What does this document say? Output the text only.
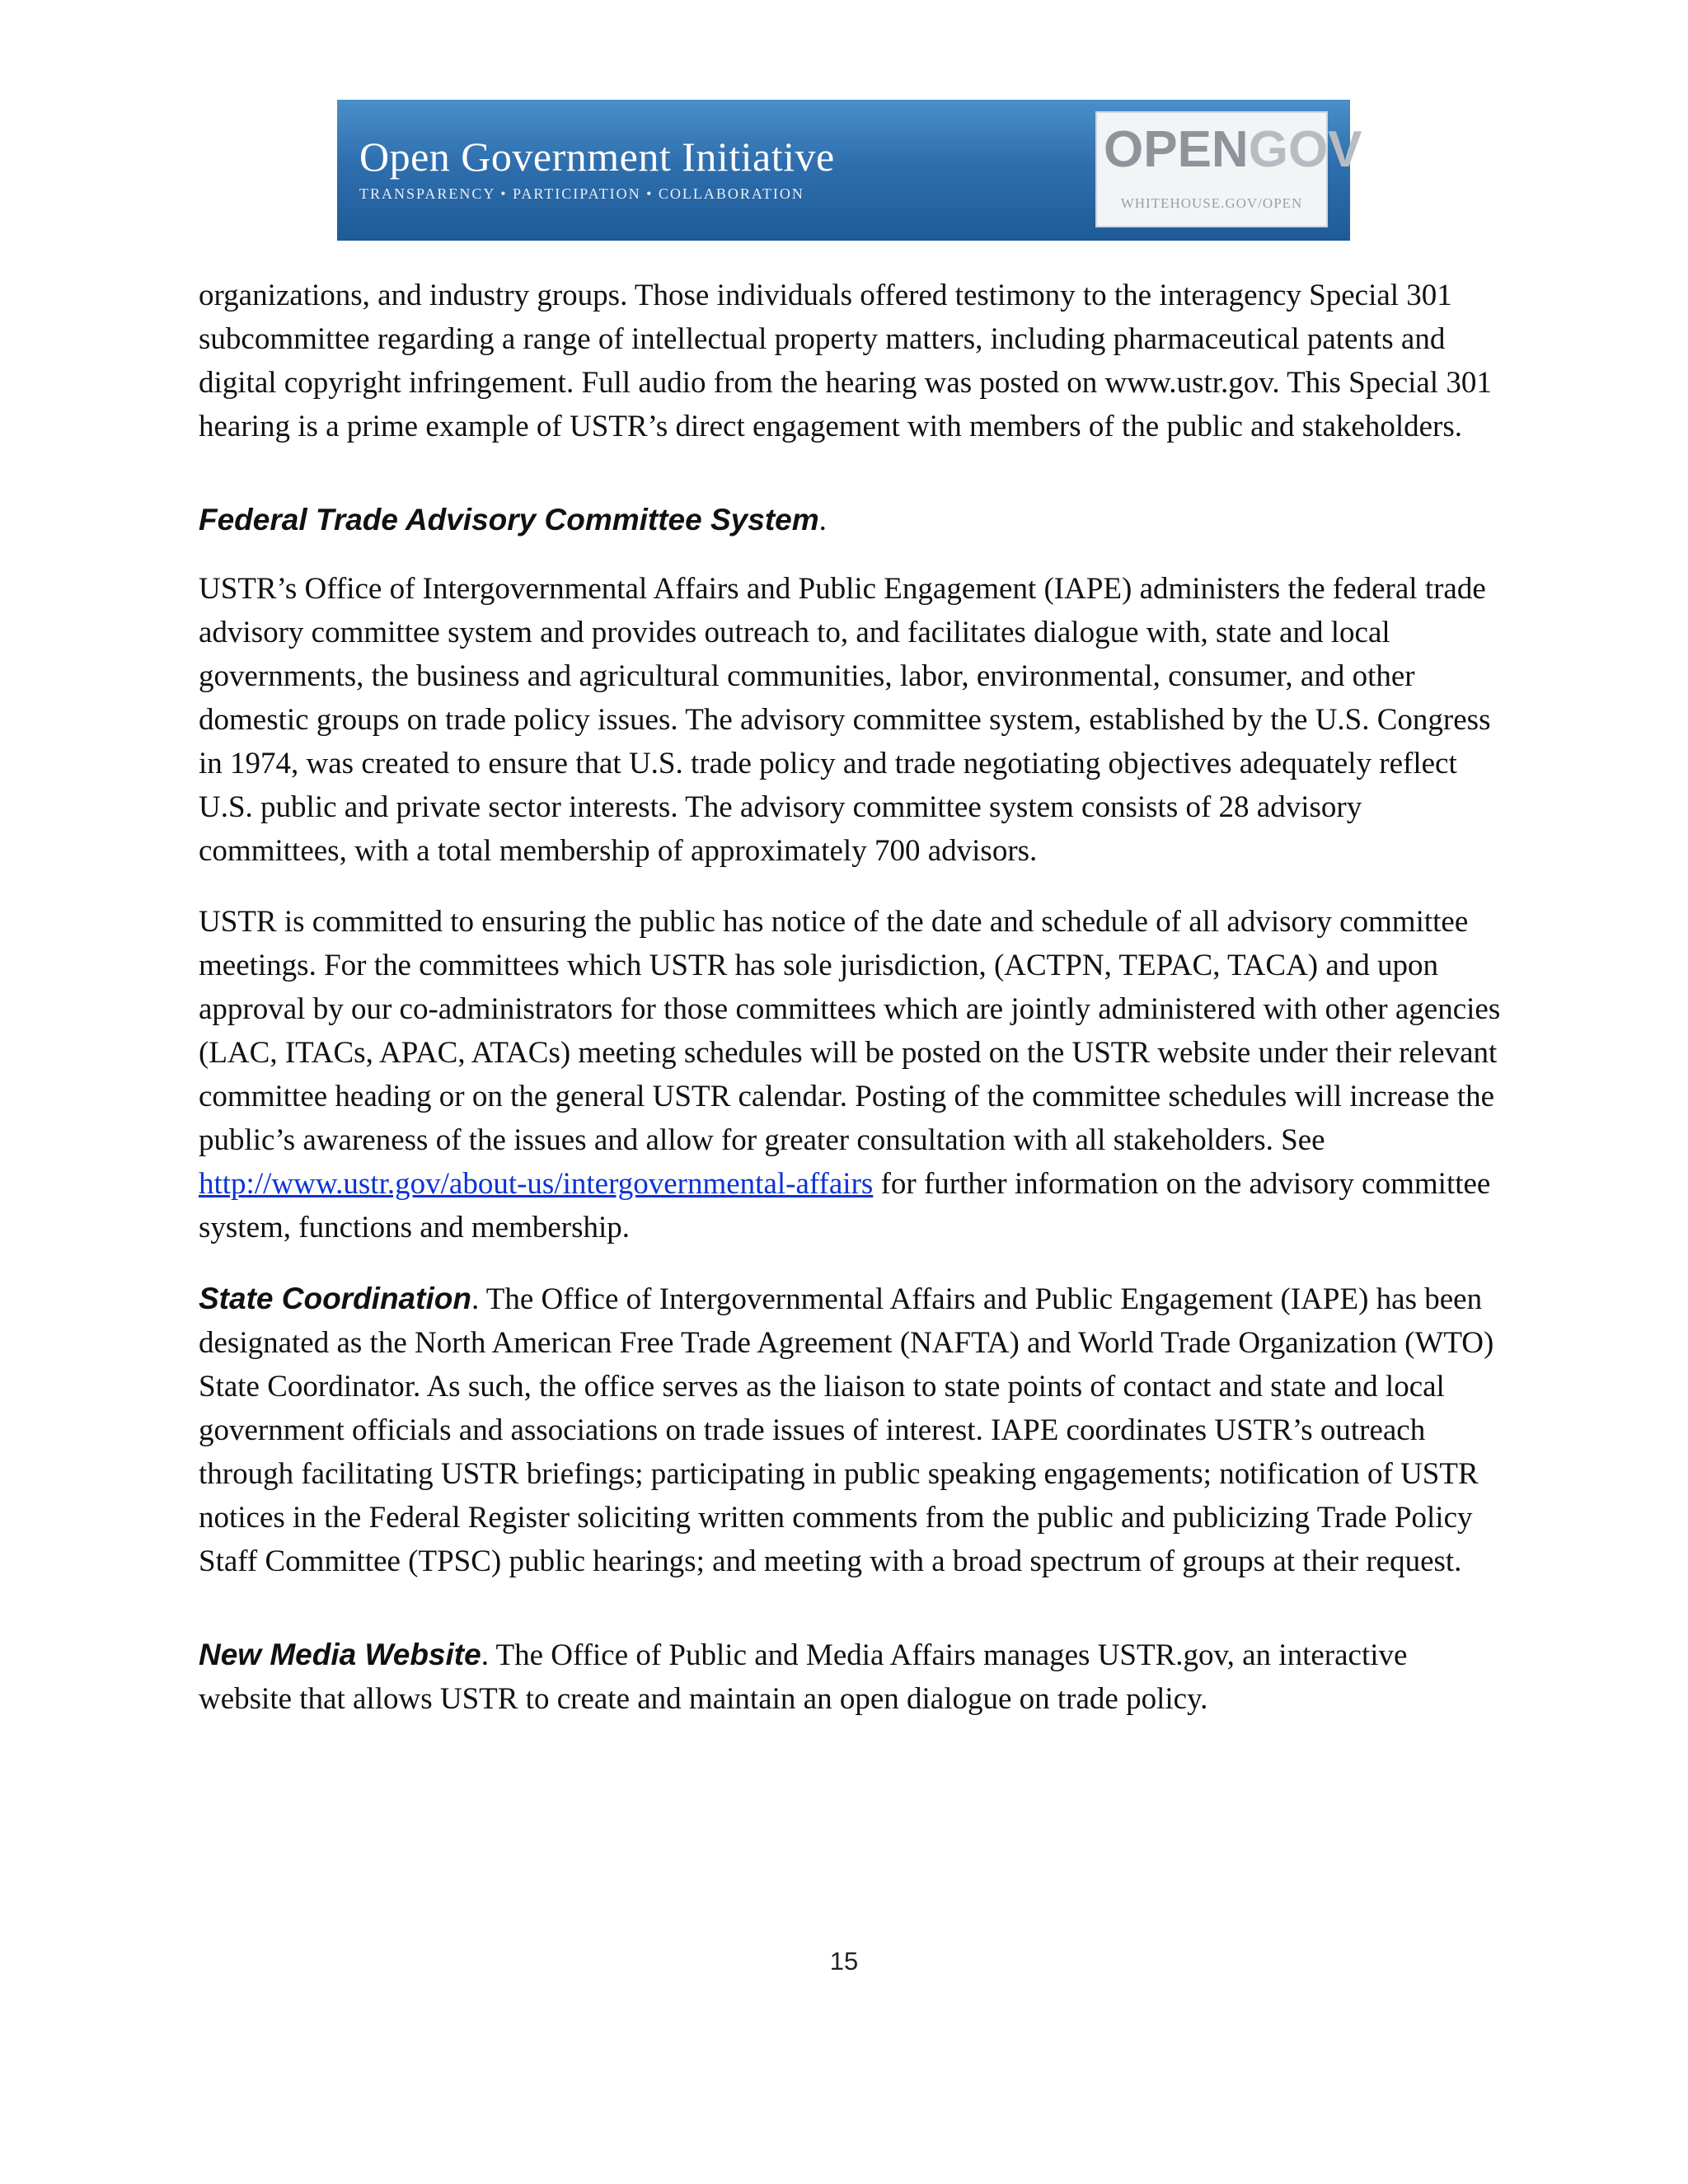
Open Government Initiative
TRANSPARENCY • PARTICIPATION • COLLABORATION
OPENGOV
WHITEHOUSE.GOV/OPEN

organizations, and industry groups. Those individuals offered testimony to the interagency Special 301 subcommittee regarding a range of intellectual property matters, including pharmaceutical patents and digital copyright infringement. Full audio from the hearing was posted on www.ustr.gov. This Special 301 hearing is a prime example of USTR’s direct engagement with members of the public and stakeholders.

Federal Trade Advisory Committee System.

USTR’s Office of Intergovernmental Affairs and Public Engagement (IAPE) administers the federal trade advisory committee system and provides outreach to, and facilitates dialogue with, state and local governments, the business and agricultural communities, labor, environmental, consumer, and other domestic groups on trade policy issues. The advisory committee system, established by the U.S. Congress in 1974, was created to ensure that U.S. trade policy and trade negotiating objectives adequately reflect U.S. public and private sector interests. The advisory committee system consists of 28 advisory committees, with a total membership of approximately 700 advisors.

USTR is committed to ensuring the public has notice of the date and schedule of all advisory committee meetings. For the committees which USTR has sole jurisdiction, (ACTPN, TEPAC, TACA) and upon approval by our co-administrators for those committees which are jointly administered with other agencies (LAC, ITACs, APAC, ATACs) meeting schedules will be posted on the USTR website under their relevant committee heading or on the general USTR calendar. Posting of the committee schedules will increase the public’s awareness of the issues and allow for greater consultation with all stakeholders. See http://www.ustr.gov/about-us/intergovernmental-affairs for further information on the advisory committee system, functions and membership.

State Coordination. The Office of Intergovernmental Affairs and Public Engagement (IAPE) has been designated as the North American Free Trade Agreement (NAFTA) and World Trade Organization (WTO) State Coordinator. As such, the office serves as the liaison to state points of contact and state and local government officials and associations on trade issues of interest. IAPE coordinates USTR’s outreach through facilitating USTR briefings; participating in public speaking engagements; notification of USTR notices in the Federal Register soliciting written comments from the public and publicizing Trade Policy Staff Committee (TPSC) public hearings; and meeting with a broad spectrum of groups at their request.

New Media Website. The Office of Public and Media Affairs manages USTR.gov, an interactive website that allows USTR to create and maintain an open dialogue on trade policy.

15
